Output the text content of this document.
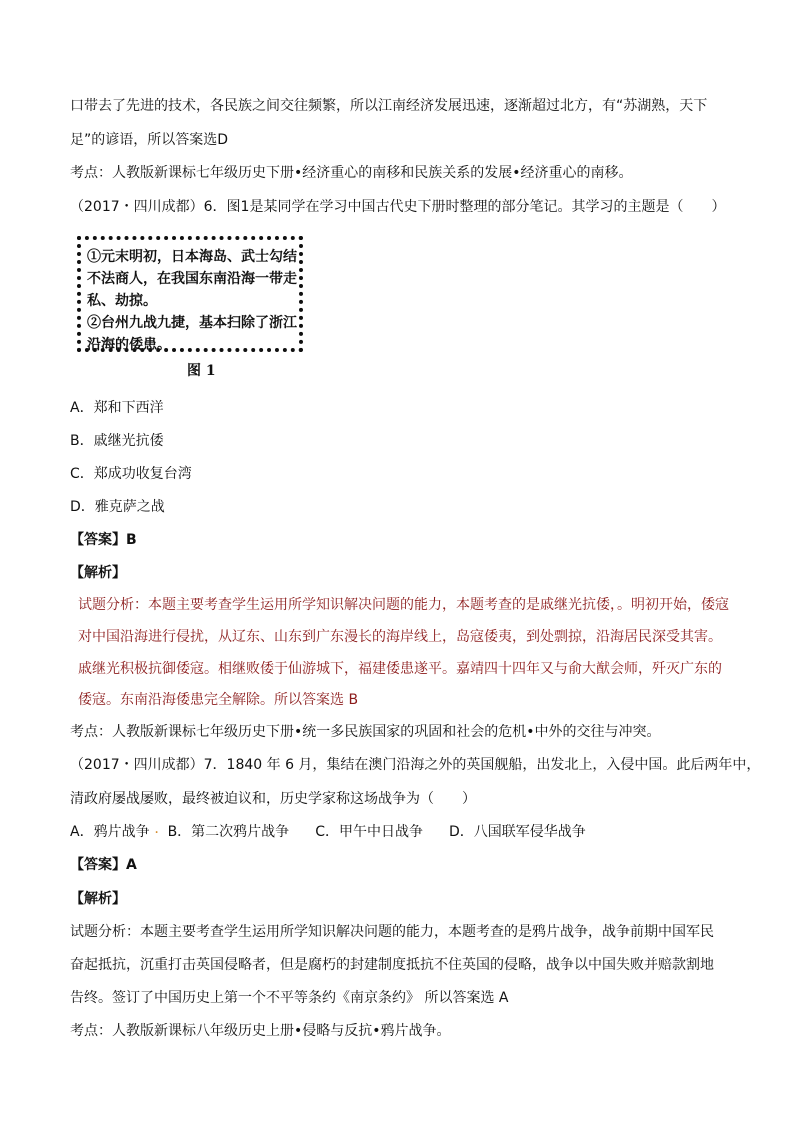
口带去了先进的技术，各民族之间交往频繁，所以江南经济发展迅速，逐渐超过北方，有“苏湖熟，天下
足”的谚语，所以答案选D
考点：人教版新课标七年级历史下册•经济重心的南移和民族关系的发展•经济重心的南移。
（2017・四川成都）6．图1是某同学在学习中国古代史下册时整理的部分笔记。其学习的主题是（　　）
①元末明初，日本海岛、武士勾结
不法商人，在我国东南沿海一带走
私、劫掠。
②台州九战九捷，基本扫除了浙江
沿海的倭患。
图 1
A．郑和下西洋
B．戚继光抗倭
C．郑成功收复台湾
D．雅克萨之战
【答案】B
【解析】
试题分析：本题主要考查学生运用所学知识解决问题的能力，本题考查的是戚继光抗倭，。明初开始，倭寇
对中国沿海进行侵扰，从辽东、山东到广东漫长的海岸线上，岛寇倭夷，到处剽掠，沿海居民深受其害。
戚继光积极抗御倭寇。相继败倭于仙游城下，福建倭患遂平。嘉靖四十四年又与俞大猷会师，歼灭广东的
倭寇。东南沿海倭患完全解除。所以答案选 B
考点：人教版新课标七年级历史下册•统一多民族国家的巩固和社会的危机•中外的交往与冲突。
（2017・四川成都）7．1840 年 6 月，集结在澳门沿海之外的英国舰船，出发北上，入侵中国。此后两年中，
清政府屡战屡败，最终被迫议和，历史学家称这场战争为（　　）
A．鸦片战争 ・ B．第二次鸦片战争 C．甲午中日战争 D．八国联军侵华战争
【答案】A
【解析】
试题分析：本题主要考查学生运用所学知识解决问题的能力，本题考查的是鸦片战争，战争前期中国军民
奋起抵抗，沉重打击英国侵略者，但是腐朽的封建制度抵抗不住英国的侵略，战争以中国失败并赔款割地
告终。签订了中国历史上第一个不平等条约《南京条约》 所以答案选 A
考点：人教版新课标八年级历史上册•侵略与反抗•鸦片战争。
